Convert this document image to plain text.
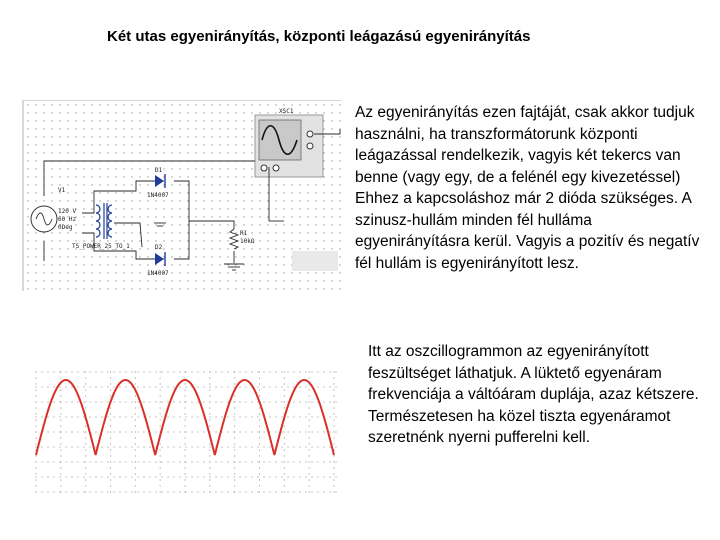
Két utas egyenirányítás, központi leágazású egyenirányítás
XSC1
V1
120 V
60 Hz
0Deg
TS_POWER_25_TO_1
D1
1N4007
D2
1N4007
R1
10kΩ
Az egyenirányítás ezen fajtáját, csak akkor tudjuk használni, ha transzformátorunk központi leágazással rendelkezik, vagyis két tekercs van benne (vagy egy, de a felénél egy kivezetéssel) Ehhez a kapcsoláshoz már 2 dióda szükséges. A szinusz-hullám minden fél hulláma egyenirányításra kerül. Vagyis a pozitív és negatív fél hullám is egyenirányított lesz.
Itt az oszcillogrammon az egyenirányított feszültséget láthatjuk. A lüktető egyenáram frekvenciája a váltóáram duplája, azaz kétszere. Természetesen ha közel tiszta egyenáramot szeretnénk nyerni pufferelni kell.
